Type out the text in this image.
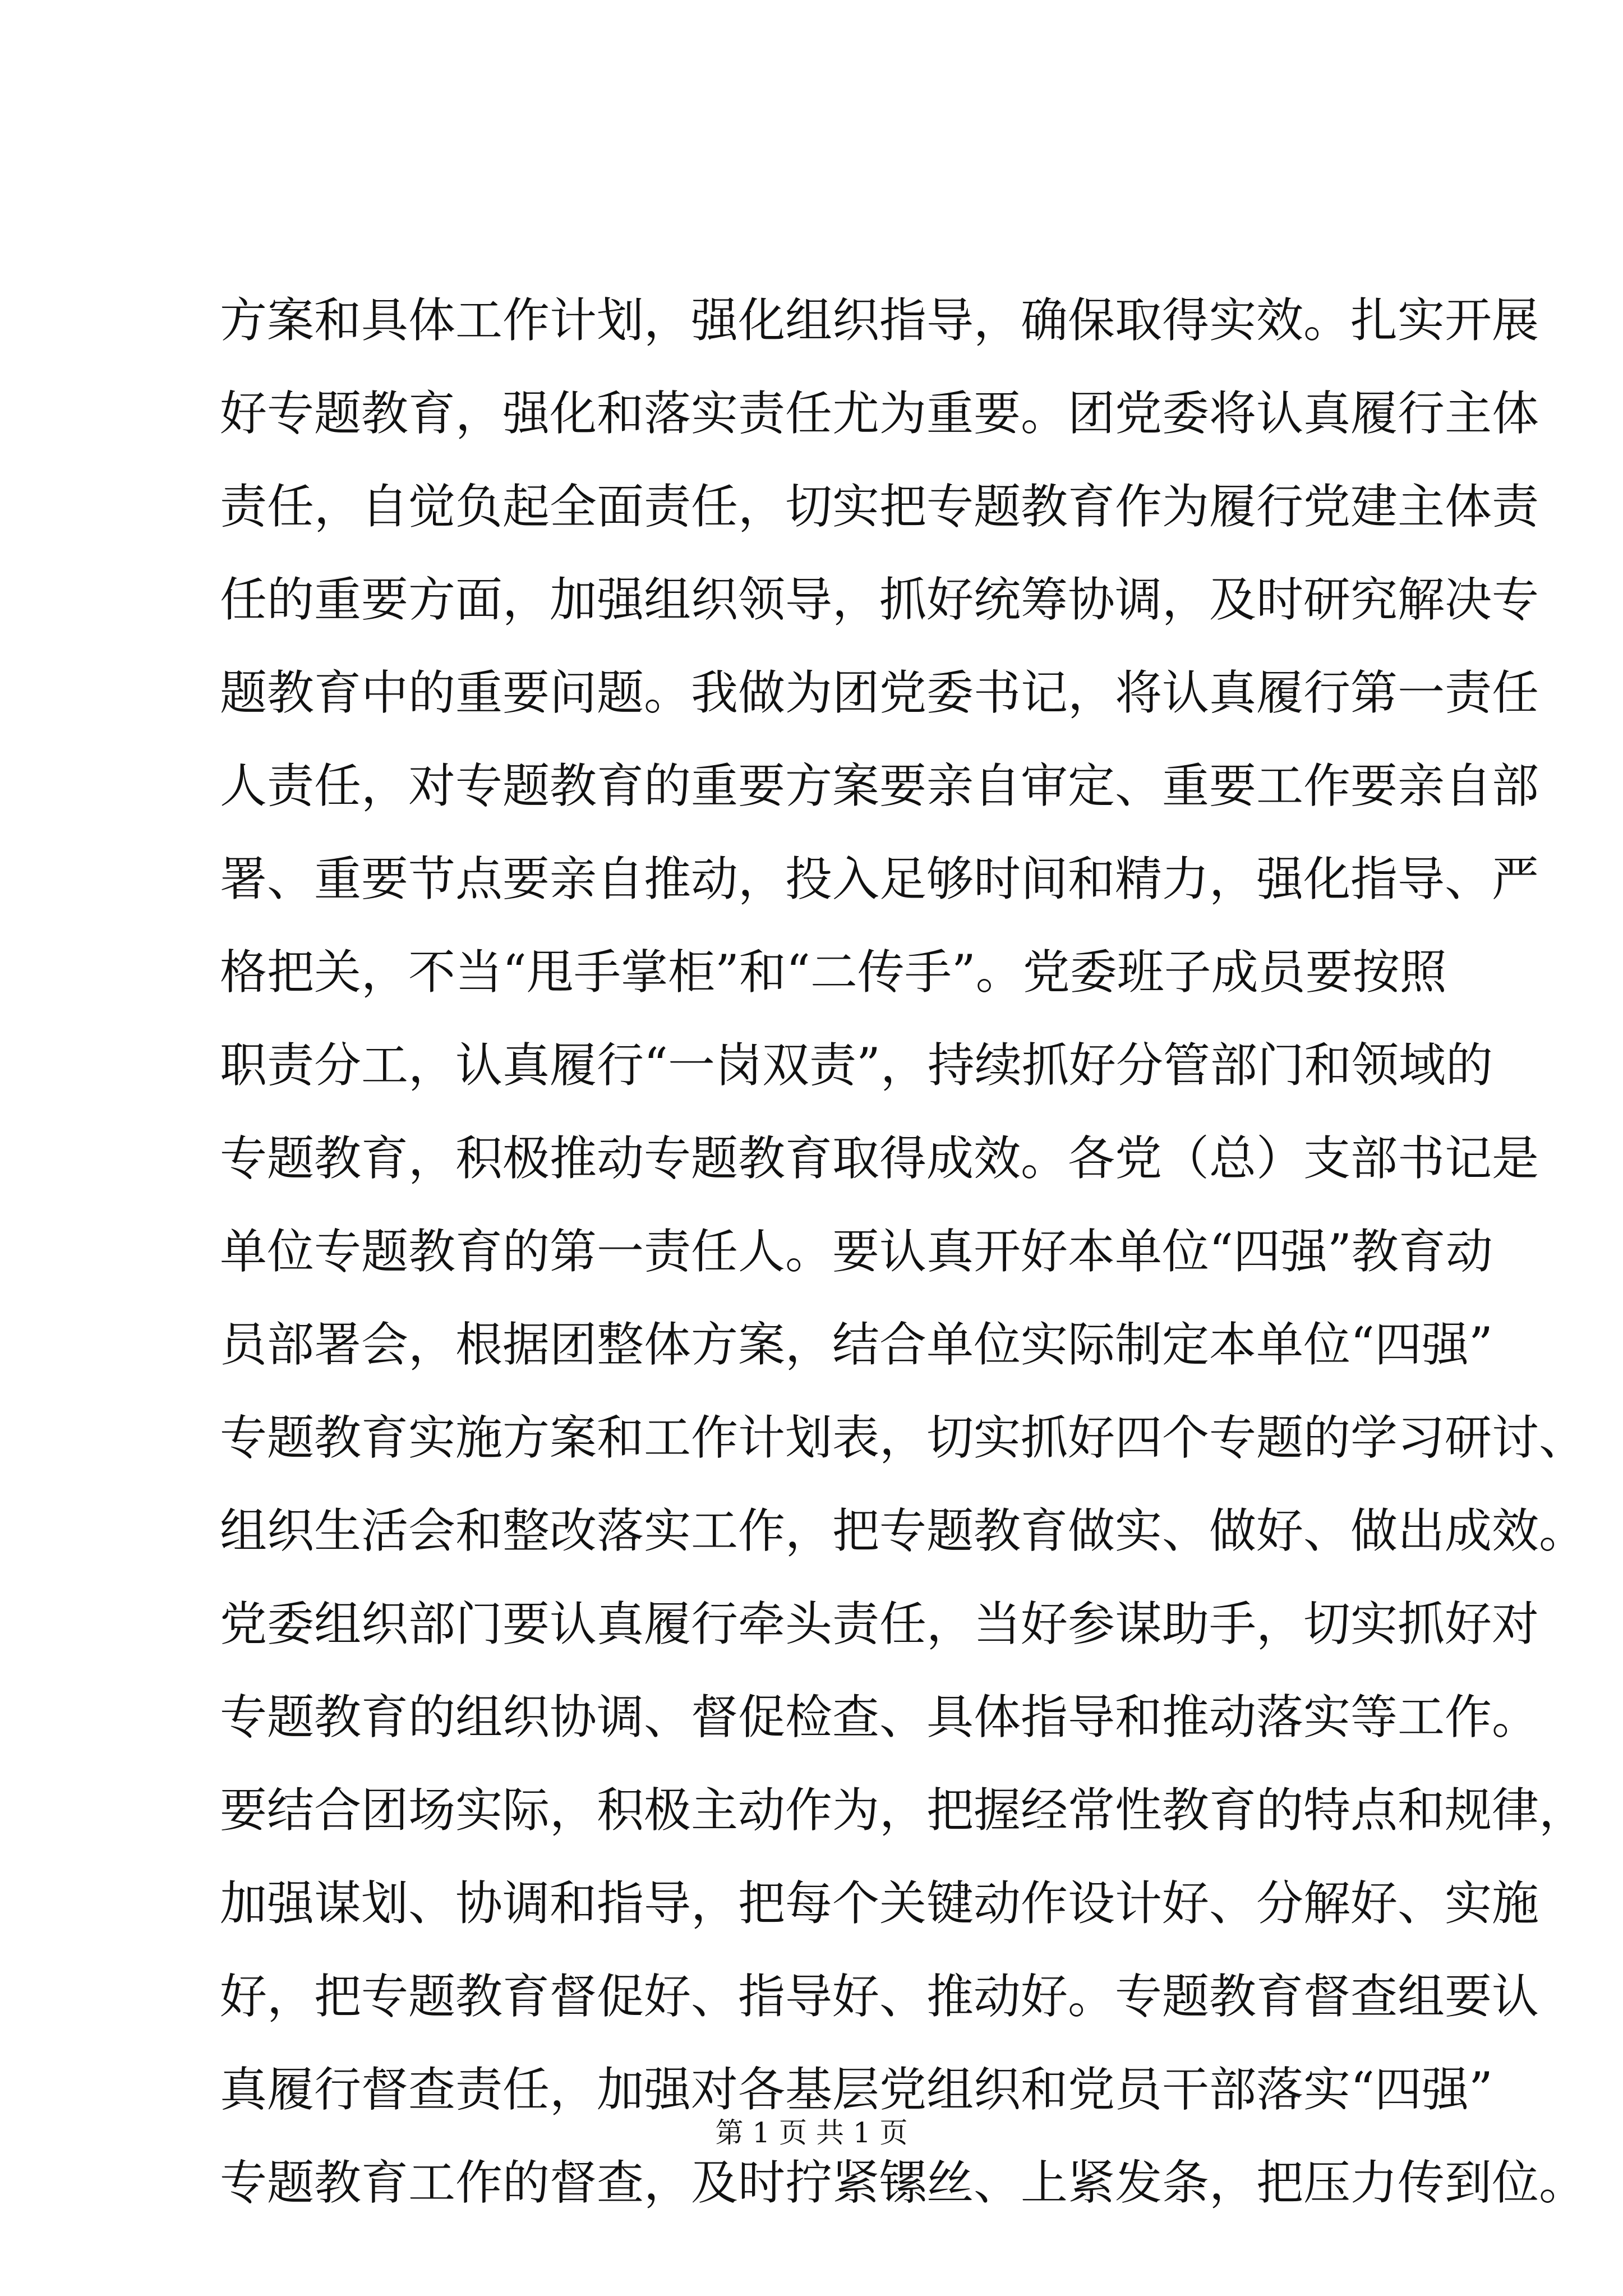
方案和具体工作计划，强化组织指导，确保取得实效。扎实开展
好专题教育，强化和落实责任尤为重要。团党委将认真履行主体
责任，自觉负起全面责任，切实把专题教育作为履行党建主体责
任的重要方面，加强组织领导，抓好统筹协调，及时研究解决专
题教育中的重要问题。我做为团党委书记，将认真履行第一责任
人责任，对专题教育的重要方案要亲自审定、重要工作要亲自部
署、重要节点要亲自推动，投入足够时间和精力，强化指导、严
格把关，不当“甩手掌柜”和“二传手”。党委班子成员要按照
职责分工，认真履行“一岗双责”，持续抓好分管部门和领域的
专题教育，积极推动专题教育取得成效。各党（总）支部书记是
单位专题教育的第一责任人。要认真开好本单位“四强”教育动
员部署会，根据团整体方案，结合单位实际制定本单位“四强”
专题教育实施方案和工作计划表，切实抓好四个专题的学习研讨、
组织生活会和整改落实工作，把专题教育做实、做好、做出成效。
党委组织部门要认真履行牵头责任，当好参谋助手，切实抓好对
专题教育的组织协调、督促检查、具体指导和推动落实等工作。
要结合团场实际，积极主动作为，把握经常性教育的特点和规律，
加强谋划、协调和指导，把每个关键动作设计好、分解好、实施
好，把专题教育督促好、指导好、推动好。专题教育督查组要认
真履行督查责任，加强对各基层党组织和党员干部落实“四强”
专题教育工作的督查，及时拧紧镙丝、上紧发条，把压力传到位。
第 1 页 共 1 页
